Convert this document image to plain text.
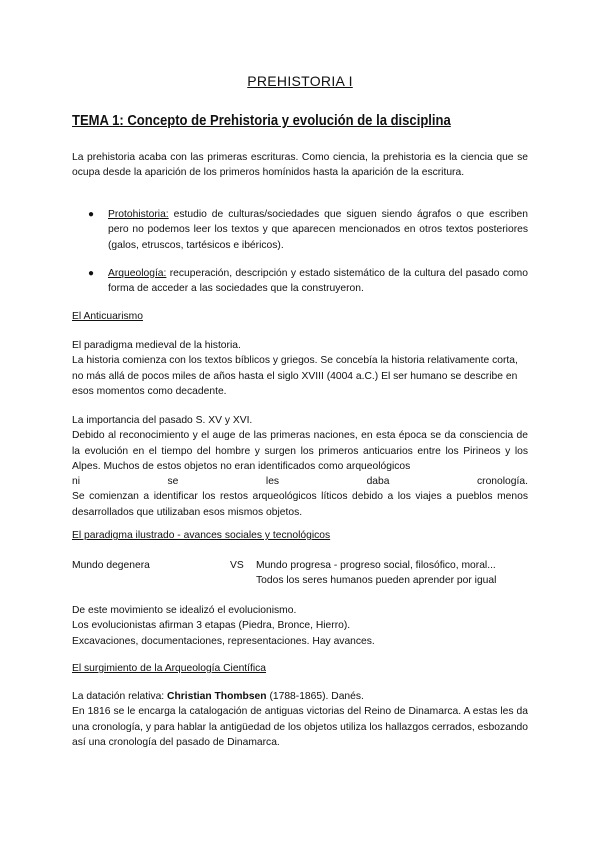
PREHISTORIA I
TEMA 1: Concepto de Prehistoria y evolución de la disciplina
La prehistoria acaba con las primeras escrituras. Como ciencia, la prehistoria es la ciencia que se ocupa desde la aparición de los primeros homínidos hasta la aparición de la escritura.
● Protohistoria: estudio de culturas/sociedades que siguen siendo ágrafos o que escriben pero no podemos leer los textos y que aparecen mencionados en otros textos posteriores (galos, etruscos, tartésicos e ibéricos).
● Arqueología: recuperación, descripción y estado sistemático de la cultura del pasado como forma de acceder a las sociedades que la construyeron.
El Anticuarismo
El paradigma medieval de la historia.
La historia comienza con los textos bíblicos y griegos. Se concebía la historia relativamente corta, no más allá de pocos miles de años hasta el siglo XVIII (4004 a.C.) El ser humano se describe en esos momentos como decadente.
La importancia del pasado S. XV y XVI.
Debido al reconocimiento y el auge de las primeras naciones, en esta época se da consciencia de la evolución en el tiempo del hombre y surgen los primeros anticuarios entre los Pirineos y los Alpes. Muchos de estos objetos no eran identificados como arqueológicos
ni	se	les	daba	cronología.
Se comienzan a identificar los restos arqueológicos líticos debido a los viajes a pueblos menos desarrollados que utilizaban esos mismos objetos.
El paradigma ilustrado - avances sociales y tecnológicos
Mundo degenera	VS Mundo progresa - progreso social, filosófico, moral...
Todos los seres humanos pueden aprender por igual
De este movimiento se idealizó el evolucionismo.
Los evolucionistas afirman 3 etapas (Piedra, Bronce, Hierro).
Excavaciones, documentaciones, representaciones. Hay avances.
El surgimiento de la Arqueología Científica
La datación relativa: Christian Thombsen (1788-1865). Danés.
En 1816 se le encarga la catalogación de antiguas victorias del Reino de Dinamarca. A estas les da una cronología, y para hablar la antigüedad de los objetos utiliza los hallazgos cerrados, esbozando así una cronología del pasado de Dinamarca.
